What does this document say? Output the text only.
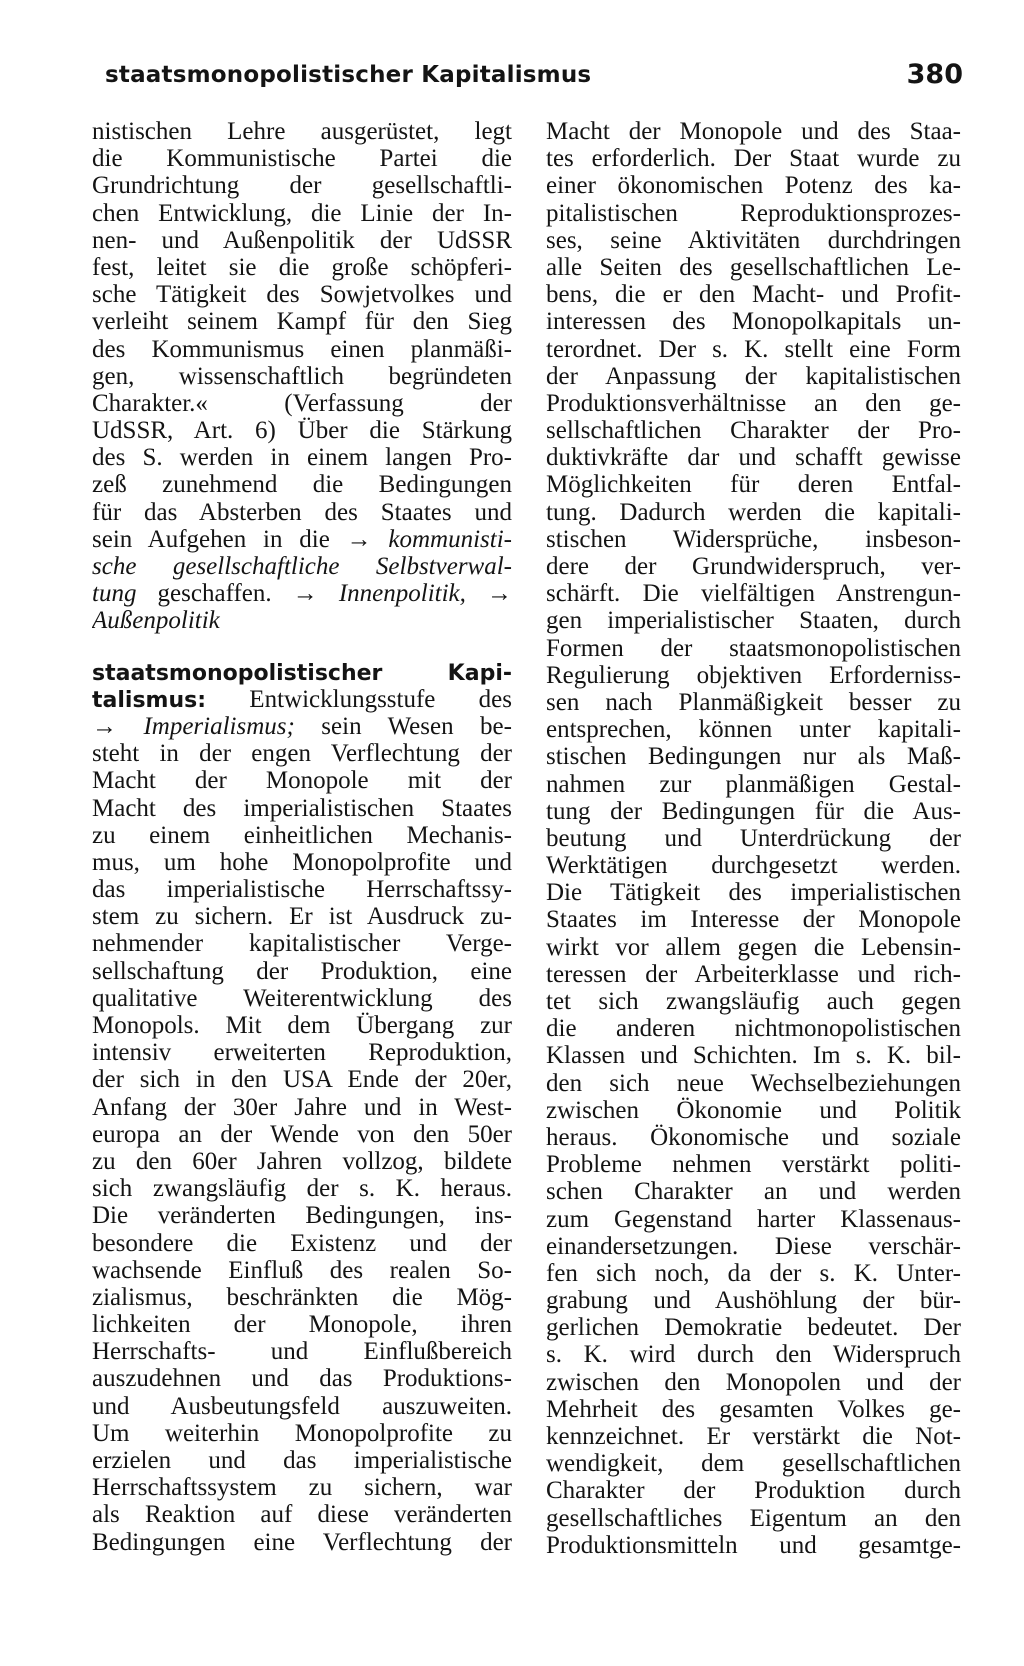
staatsmonopolistischer Kapitalismus	380
nistischen Lehre ausgerüstet, legt
die Kommunistische Partei die
Grundrichtung der gesellschaftli-
chen Entwicklung, die Linie der In-
nen- und Außenpolitik der UdSSR
fest, leitet sie die große schöpferi-
sche Tätigkeit des Sowjetvolkes und
verleiht seinem Kampf für den Sieg
des Kommunismus einen planmäßi-
gen, wissenschaftlich begründeten
Charakter.« (Verfassung der
UdSSR, Art. 6) Über die Stärkung
des S. werden in einem langen Pro-
zeß zunehmend die Bedingungen
für das Absterben des Staates und
sein Aufgehen in die → kommunisti-
sche gesellschaftliche Selbstverwal-
tung geschaffen. → Innenpolitik, →
Außenpolitik
staatsmonopolistischer Kapi-
talismus: Entwicklungsstufe des
→ Imperialismus; sein Wesen be-
steht in der engen Verflechtung der
Macht der Monopole mit der
Macht des imperialistischen Staates
zu einem einheitlichen Mechanis-
mus, um hohe Monopolprofite und
das imperialistische Herrschaftssy-
stem zu sichern. Er ist Ausdruck zu-
nehmender kapitalistischer Verge-
sellschaftung der Produktion, eine
qualitative Weiterentwicklung des
Monopols. Mit dem Übergang zur
intensiv erweiterten Reproduktion,
der sich in den USA Ende der 20er,
Anfang der 30er Jahre und in West-
europa an der Wende von den 50er
zu den 60er Jahren vollzog, bildete
sich zwangsläufig der s. K. heraus.
Die veränderten Bedingungen, ins-
besondere die Existenz und der
wachsende Einfluß des realen So-
zialismus, beschränkten die Mög-
lichkeiten der Monopole, ihren
Herrschafts- und Einflußbereich
auszudehnen und das Produktions-
und Ausbeutungsfeld auszuweiten.
Um weiterhin Monopolprofite zu
erzielen und das imperialistische
Herrschaftssystem zu sichern, war
als Reaktion auf diese veränderten
Bedingungen eine Verflechtung der
Macht der Monopole und des Staa-
tes erforderlich. Der Staat wurde zu
einer ökonomischen Potenz des ka-
pitalistischen Reproduktionsprozes-
ses, seine Aktivitäten durchdringen
alle Seiten des gesellschaftlichen Le-
bens, die er den Macht- und Profit-
interessen des Monopolkapitals un-
terordnet. Der s. K. stellt eine Form
der Anpassung der kapitalistischen
Produktionsverhältnisse an den ge-
sellschaftlichen Charakter der Pro-
duktivkräfte dar und schafft gewisse
Möglichkeiten für deren Entfal-
tung. Dadurch werden die kapitali-
stischen Widersprüche, insbeson-
dere der Grundwiderspruch, ver-
schärft. Die vielfältigen Anstrengun-
gen imperialistischer Staaten, durch
Formen der staatsmonopolistischen
Regulierung objektiven Erforderniss-
sen nach Planmäßigkeit besser zu
entsprechen, können unter kapitali-
stischen Bedingungen nur als Maß-
nahmen zur planmäßigen Gestal-
tung der Bedingungen für die Aus-
beutung und Unterdrückung der
Werktätigen durchgesetzt werden.
Die Tätigkeit des imperialistischen
Staates im Interesse der Monopole
wirkt vor allem gegen die Lebensin-
teressen der Arbeiterklasse und rich-
tet sich zwangsläufig auch gegen
die anderen nichtmonopolistischen
Klassen und Schichten. Im s. K. bil-
den sich neue Wechselbeziehungen
zwischen Ökonomie und Politik
heraus. Ökonomische und soziale
Probleme nehmen verstärkt politi-
schen Charakter an und werden
zum Gegenstand harter Klassenaus-
einandersetzungen. Diese verschär-
fen sich noch, da der s. K. Unter-
grabung und Aushöhlung der bür-
gerlichen Demokratie bedeutet. Der
s. K. wird durch den Widerspruch
zwischen den Monopolen und der
Mehrheit des gesamten Volkes ge-
kennzeichnet. Er verstärkt die Not-
wendigkeit, dem gesellschaftlichen
Charakter der Produktion durch
gesellschaftliches Eigentum an den
Produktionsmitteln und gesamtge-
